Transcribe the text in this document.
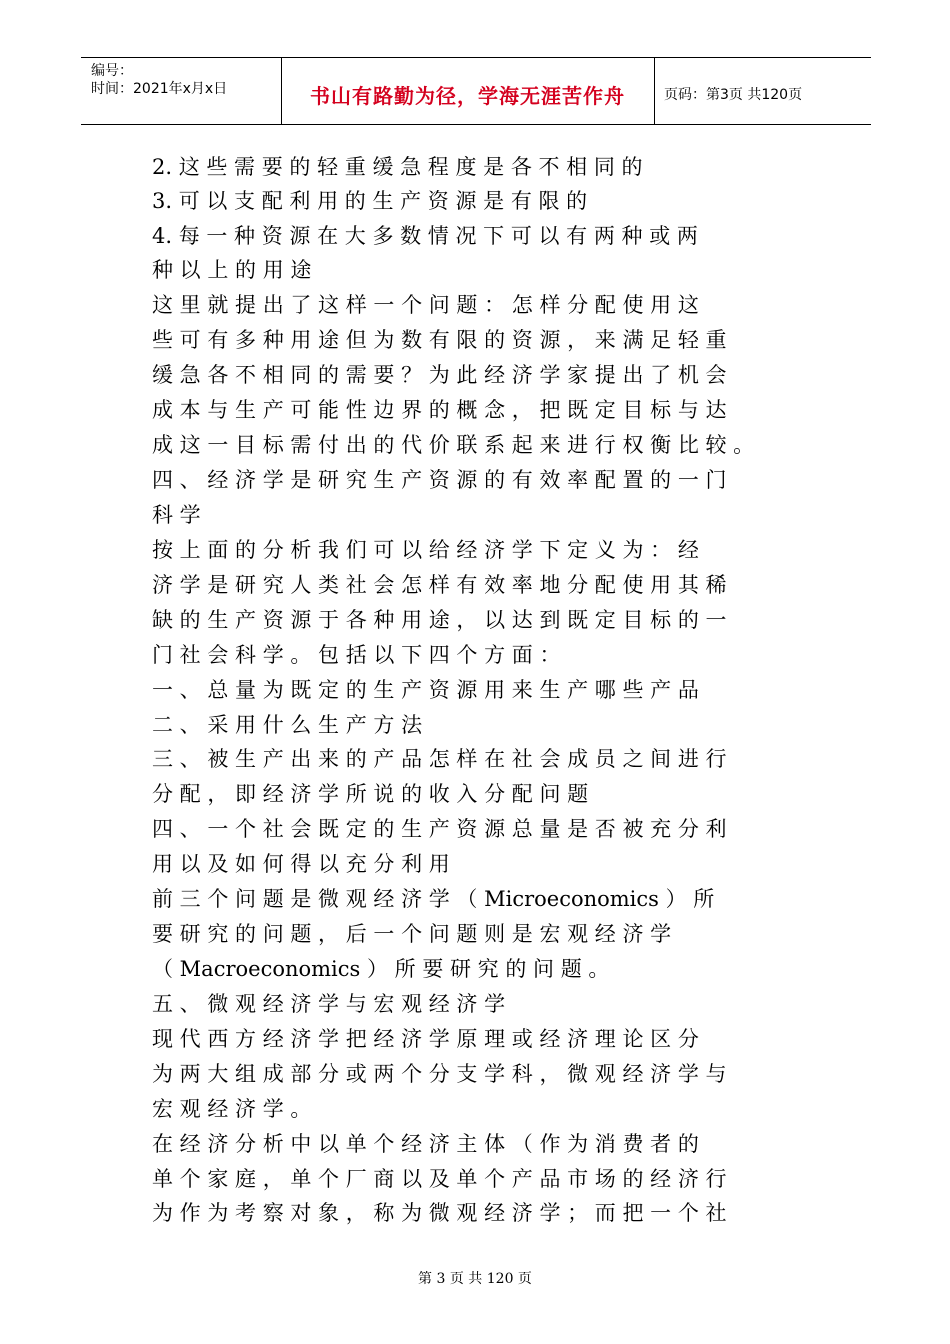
编号：
时间：2021年x月x日	书山有路勤为径，学海无涯苦作舟	页码：第3页 共120页
2. 这 些 需 要 的 轻 重 缓 急 程 度 是 各 不 相 同 的
3. 可 以 支 配 利 用 的 生 产 资 源 是 有 限 的
4. 每 一 种 资 源 在 大 多 数 情 况 下 可 以 有 两 种 或 两
种 以 上 的 用 途
这 里 就 提 出 了 这 样 一 个 问 题 ： 怎 样 分 配 使 用 这
些 可 有 多 种 用 途 但 为 数 有 限 的 资 源 ， 来 满 足 轻 重
缓 急 各 不 相 同 的 需 要 ？ 为 此 经 济 学 家 提 出 了 机 会
成 本 与 生 产 可 能 性 边 界 的 概 念 ， 把 既 定 目 标 与 达
成 这 一 目 标 需 付 出 的 代 价 联 系 起 来 进 行 权 衡 比 较 。
四 、 经 济 学 是 研 究 生 产 资 源 的 有 效 率 配 置 的 一 门
科 学
按 上 面 的 分 析 我 们 可 以 给 经 济 学 下 定 义 为 ： 经
济 学 是 研 究 人 类 社 会 怎 样 有 效 率 地 分 配 使 用 其 稀
缺 的 生 产 资 源 于 各 种 用 途 ， 以 达 到 既 定 目 标 的 一
门 社 会 科 学 。 包 括 以 下 四 个 方 面 ：
一 、 总 量 为 既 定 的 生 产 资 源 用 来 生 产 哪 些 产 品
二 、 采 用 什 么 生 产 方 法
三 、 被 生 产 出 来 的 产 品 怎 样 在 社 会 成 员 之 间 进 行
分 配 ， 即 经 济 学 所 说 的 收 入 分 配 问 题
四 、 一 个 社 会 既 定 的 生 产 资 源 总 量 是 否 被 充 分 利
用 以 及 如 何 得 以 充 分 利 用
前 三 个 问 题 是 微 观 经 济 学 （ Microeconomics ） 所
要 研 究 的 问 题 ， 后 一 个 问 题 则 是 宏 观 经 济 学
（ Macroeconomics ） 所 要 研 究 的 问 题 。
五 、 微 观 经 济 学 与 宏 观 经 济 学
现 代 西 方 经 济 学 把 经 济 学 原 理 或 经 济 理 论 区 分
为 两 大 组 成 部 分 或 两 个 分 支 学 科 ， 微 观 经 济 学 与
宏 观 经 济 学 。
在 经 济 分 析 中 以 单 个 经 济 主 体 （ 作 为 消 费 者 的
单 个 家 庭 ， 单 个 厂 商 以 及 单 个 产 品 市 场 的 经 济 行
为 作 为 考 察 对 象 ， 称 为 微 观 经 济 学 ； 而 把 一 个 社
第 3 页 共 120 页
